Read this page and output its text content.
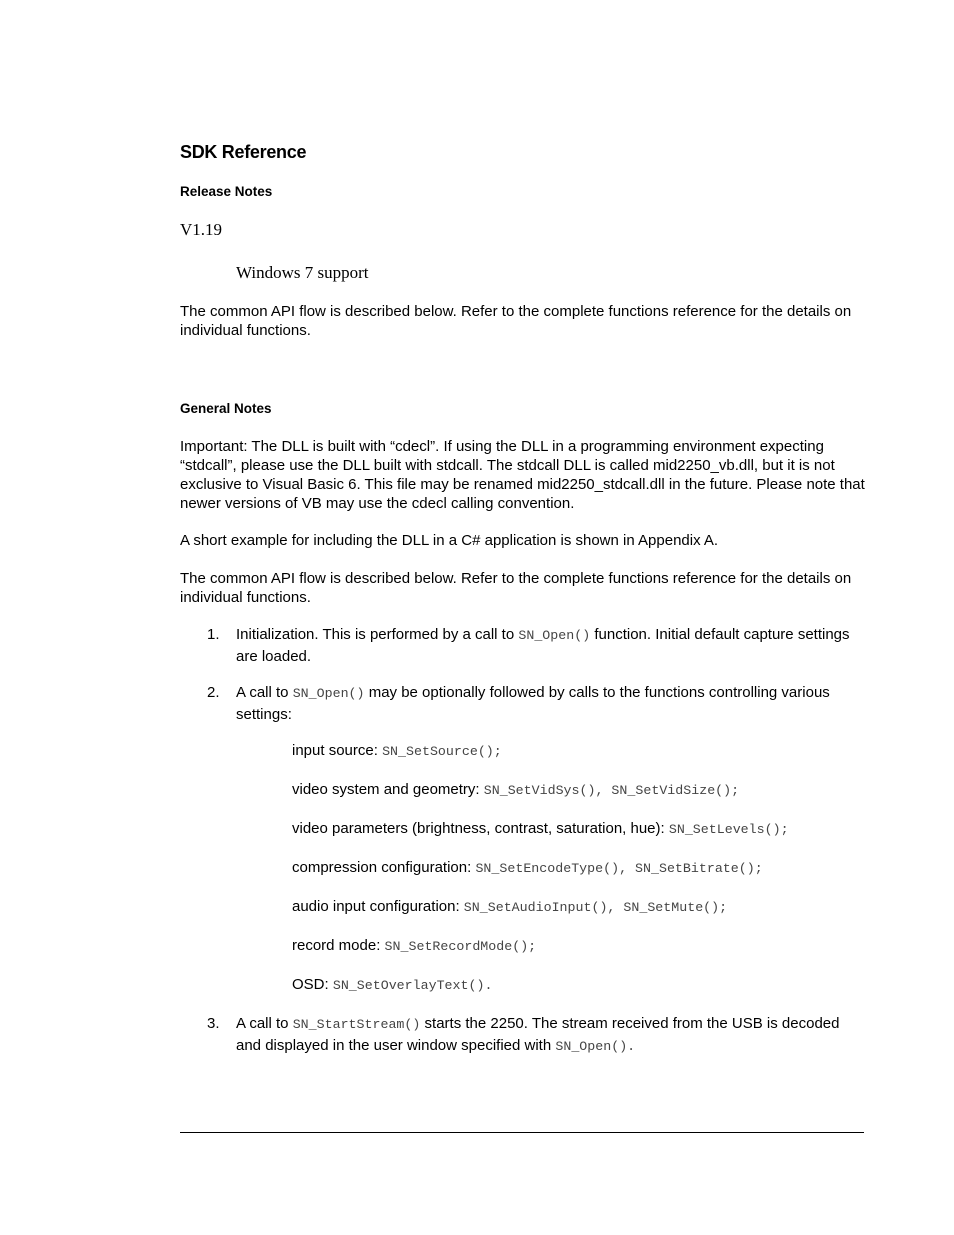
SDK Reference
Release Notes
V1.19
Windows 7 support
The common API flow is described below. Refer to the complete functions reference for the details on individual functions.
General Notes
Important: The DLL is built with “cdecl”. If using the DLL in a programming environment expecting “stdcall”, please use the DLL built with stdcall. The stdcall DLL is called mid2250_vb.dll, but it is not exclusive to Visual Basic 6. This file may be renamed mid2250_stdcall.dll in the future. Please note that newer versions of VB may use the cdecl calling convention.
A short example for including the DLL in a C# application is shown in Appendix A.
The common API flow is described below. Refer to the complete functions reference for the details on individual functions.
1. Initialization. This is performed by a call to SN_Open() function. Initial default capture settings are loaded.
2. A call to SN_Open() may be optionally followed by calls to the functions controlling various settings:
input source: SN_SetSource();
video system and geometry: SN_SetVidSys(), SN_SetVidSize();
video parameters (brightness, contrast, saturation, hue): SN_SetLevels();
compression configuration: SN_SetEncodeType(), SN_SetBitrate();
audio input configuration: SN_SetAudioInput(), SN_SetMute();
record mode: SN_SetRecordMode();
OSD: SN_SetOverlayText().
3. A call to SN_StartStream() starts the 2250. The stream received from the USB is decoded and displayed in the user window specified with SN_Open().
